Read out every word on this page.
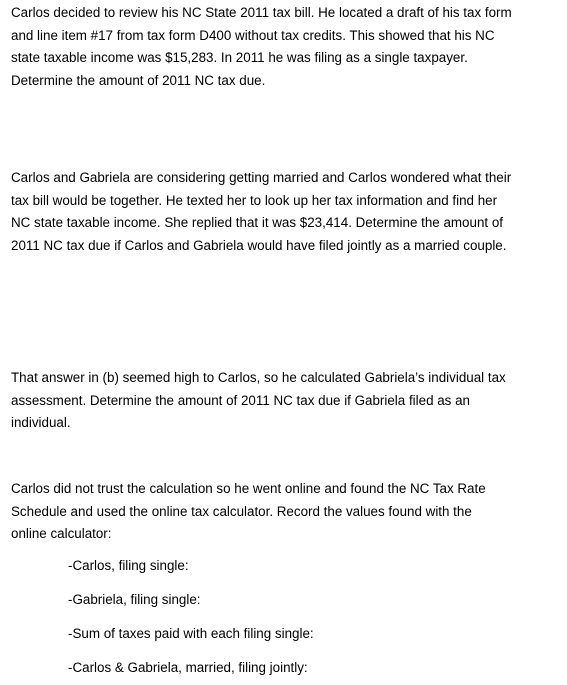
Carlos decided to review his NC State 2011 tax bill. He located a draft of his tax form
and line item #17 from tax form D400 without tax credits. This showed that his NC
state taxable income was $15,283. In 2011 he was filing as a single taxpayer.
Determine the amount of 2011 NC tax due.

Carlos and Gabriela are considering getting married and Carlos wondered what their
tax bill would be together. He texted her to look up her tax information and find her
NC state taxable income. She replied that it was $23,414. Determine the amount of
2011 NC tax due if Carlos and Gabriela would have filed jointly as a married couple.

That answer in (b) seemed high to Carlos, so he calculated Gabriela’s individual tax
assessment. Determine the amount of 2011 NC tax due if Gabriela filed as an
individual.

Carlos did not trust the calculation so he went online and found the NC Tax Rate
Schedule and used the online tax calculator. Record the values found with the
online calculator:

-Carlos, filing single:

-Gabriela, filing single:

-Sum of taxes paid with each filing single:

-Carlos & Gabriela, married, filing jointly:
